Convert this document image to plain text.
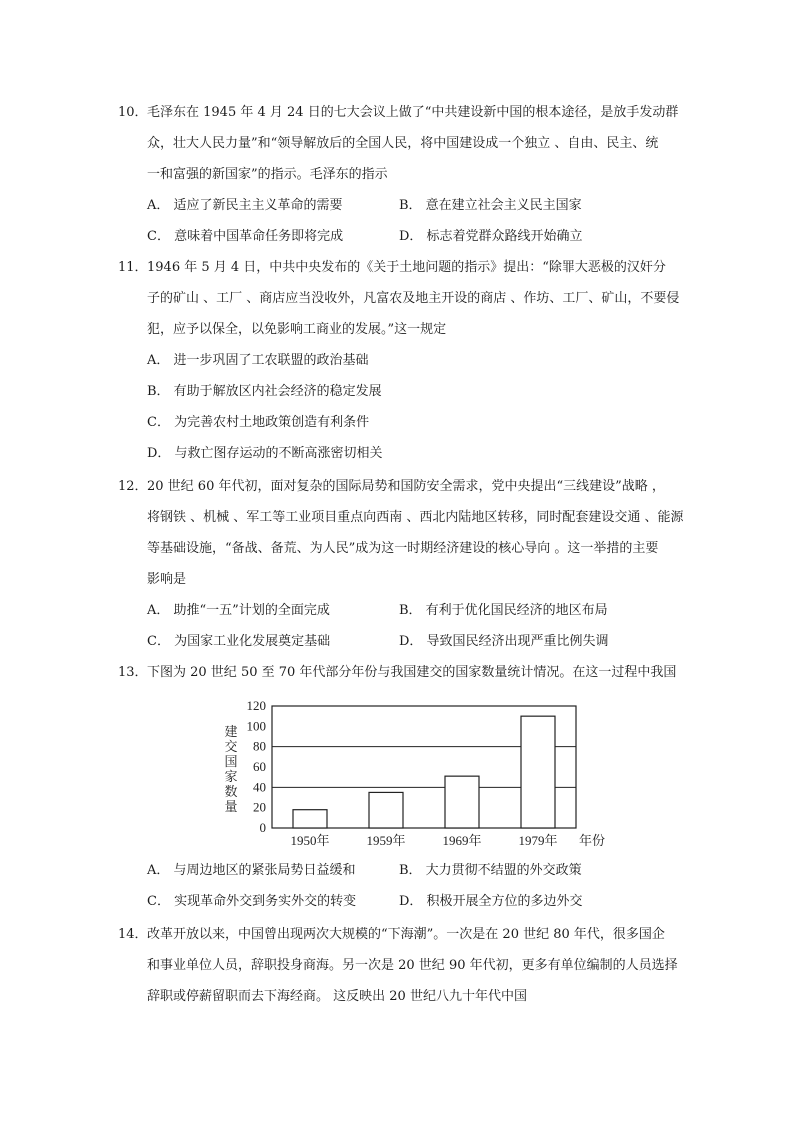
10． 毛泽东在 1945 年 4 月 24 日的七大会议上做了“中共建设新中国的根本途径，是放手发动群
众，壮大人民力量”和“领导解放后的全国人民，将中国建设成一个独立 、自由、民主、统
一和富强的新国家”的指示。毛泽东的指示
A． 适应了新民主主义革命的需要	B． 意在建立社会主义民主国家
C． 意味着中国革命任务即将完成	D． 标志着党群众路线开始确立
11． 1946 年 5 月 4 日，中共中央发布的《关于土地问题的指示》提出：“除罪大恶极的汉奸分
子的矿山 、工厂 、商店应当没收外，凡富农及地主开设的商店 、作坊、工厂、矿山，不要侵
犯，应予以保全，以免影响工商业的发展。”这一规定
A． 进一步巩固了工农联盟的政治基础
B． 有助于解放区内社会经济的稳定发展
C． 为完善农村土地政策创造有利条件
D． 与救亡图存运动的不断高涨密切相关
12． 20 世纪 60 年代初，面对复杂的国际局势和国防安全需求，党中央提出“三线建设”战略 ，
将钢铁 、机械 、军工等工业项目重点向西南 、西北内陆地区转移，同时配套建设交通 、能源
等基础设施，“备战、备荒、为人民”成为这一时期经济建设的核心导向 。这一举措的主要
影响是
A． 助推“一五”计划的全面完成	B． 有利于优化国民经济的地区布局
C． 为国家工业化发展奠定基础	D． 导致国民经济出现严重比例失调
13． 下图为 20 世纪 50 至 70 年代部分年份与我国建交的国家数量统计情况。在这一过程中我国
0
20
40
60
80
100
120
1950年	1959年	1969年	1979年 年份
建
交
国
家
数
量
A． 与周边地区的紧张局势日益缓和	B． 大力贯彻不结盟的外交政策
C． 实现革命外交到务实外交的转变	D． 积极开展全方位的多边外交
14． 改革开放以来，中国曾出现两次大规模的“下海潮”。一次是在 20 世纪 80 年代，很多国企
和事业单位人员，辞职投身商海。另一次是 20 世纪 90 年代初，更多有单位编制的人员选择
辞职或停薪留职而去下海经商。 这反映出 20 世纪八九十年代中国
